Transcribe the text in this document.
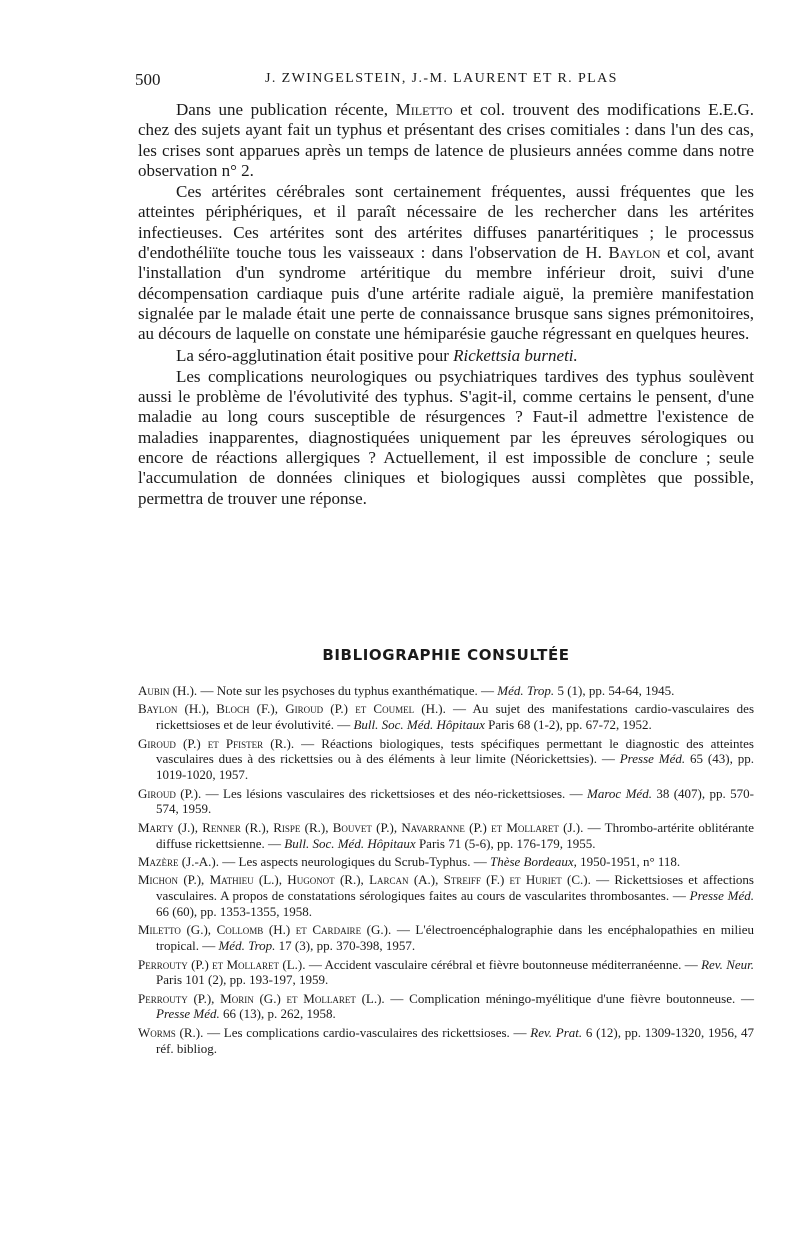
500	J. ZWINGELSTEIN, J.-M. LAURENT ET R. PLAS

Dans une publication récente, Miletto et col. trouvent des modifications E.E.G. chez des sujets ayant fait un typhus et présentant des crises comitiales : dans l'un des cas, les crises sont apparues après un temps de latence de plusieurs années comme dans notre observation n° 2.

Ces artérites cérébrales sont certainement fréquentes, aussi fréquentes que les atteintes périphériques, et il paraît nécessaire de les rechercher dans les artérites infectieuses. Ces artérites sont des artérites diffuses panartéritiques ; le processus d'endothéliïte touche tous les vaisseaux : dans l'observation de H. Baylon et col, avant l'installation d'un syndrome artéritique du membre inférieur droit, suivi d'une décompensation cardiaque puis d'une artérite radiale aiguë, la première manifestation signalée par le malade était une perte de connaissance brusque sans signes prémonitoires, au décours de laquelle on constate une hémiparésie gauche régressant en quelques heures.

La séro-agglutination était positive pour Rickettsia burneti.

Les complications neurologiques ou psychiatriques tardives des typhus soulèvent aussi le problème de l'évolutivité des typhus. S'agit-il, comme certains le pensent, d'une maladie au long cours susceptible de résurgences ? Faut-il admettre l'existence de maladies inapparentes, diagnostiquées uniquement par les épreuves sérologiques ou encore de réactions allergiques ? Actuellement, il est impossible de conclure ; seule l'accumulation de données cliniques et biologiques aussi complètes que possible, permettra de trouver une réponse.

BIBLIOGRAPHIE CONSULTÉE

Aubin (H.). — Note sur les psychoses du typhus exanthématique. — Méd. Trop. 5 (1), pp. 54-64, 1945.

Baylon (H.), Bloch (F.), Giroud (P.) et Coumel (H.). — Au sujet des manifestations cardio-vasculaires des rickettsioses et de leur évolutivité. — Bull. Soc. Méd. Hôpitaux Paris 68 (1-2), pp. 67-72, 1952.

Giroud (P.) et Pfister (R.). — Réactions biologiques, tests spécifiques permettant le diagnostic des atteintes vasculaires dues à des rickettsies ou à des éléments à leur limite (Néorickettsies). — Presse Méd. 65 (43), pp. 1019-1020, 1957.

Giroud (P.). — Les lésions vasculaires des rickettsioses et des néo-rickettsioses. — Maroc Méd. 38 (407), pp. 570-574, 1959.

Marty (J.), Renner (R.), Rispe (R.), Bouvet (P.), Navarranne (P.) et Mollaret (J.). — Thrombo-artérite oblitérante diffuse rickettsienne. — Bull. Soc. Méd. Hôpitaux Paris 71 (5-6), pp. 176-179, 1955.

Mazère (J.-A.). — Les aspects neurologiques du Scrub-Typhus. — Thèse Bordeaux, 1950-1951, n° 118.

Michon (P.), Mathieu (L.), Hugonot (R.), Larcan (A.), Streiff (F.) et Huriet (C.). — Rickettsioses et affections vasculaires. A propos de constatations sérologiques faites au cours de vascularites thrombosantes. — Presse Méd. 66 (60), pp. 1353-1355, 1958.

Miletto (G.), Collomb (H.) et Cardaire (G.). — L'électroencéphalographie dans les encéphalopathies en milieu tropical. — Méd. Trop. 17 (3), pp. 370-398, 1957.

Perrouty (P.) et Mollaret (L.). — Accident vasculaire cérébral et fièvre boutonneuse méditerranéenne. — Rev. Neur. Paris 101 (2), pp. 193-197, 1959.

Perrouty (P.), Morin (G.) et Mollaret (L.). — Complication méningo-myélitique d'une fièvre boutonneuse. — Presse Méd. 66 (13), p. 262, 1958.

Worms (R.). — Les complications cardio-vasculaires des rickettsioses. — Rev. Prat. 6 (12), pp. 1309-1320, 1956, 47 réf. bibliog.
